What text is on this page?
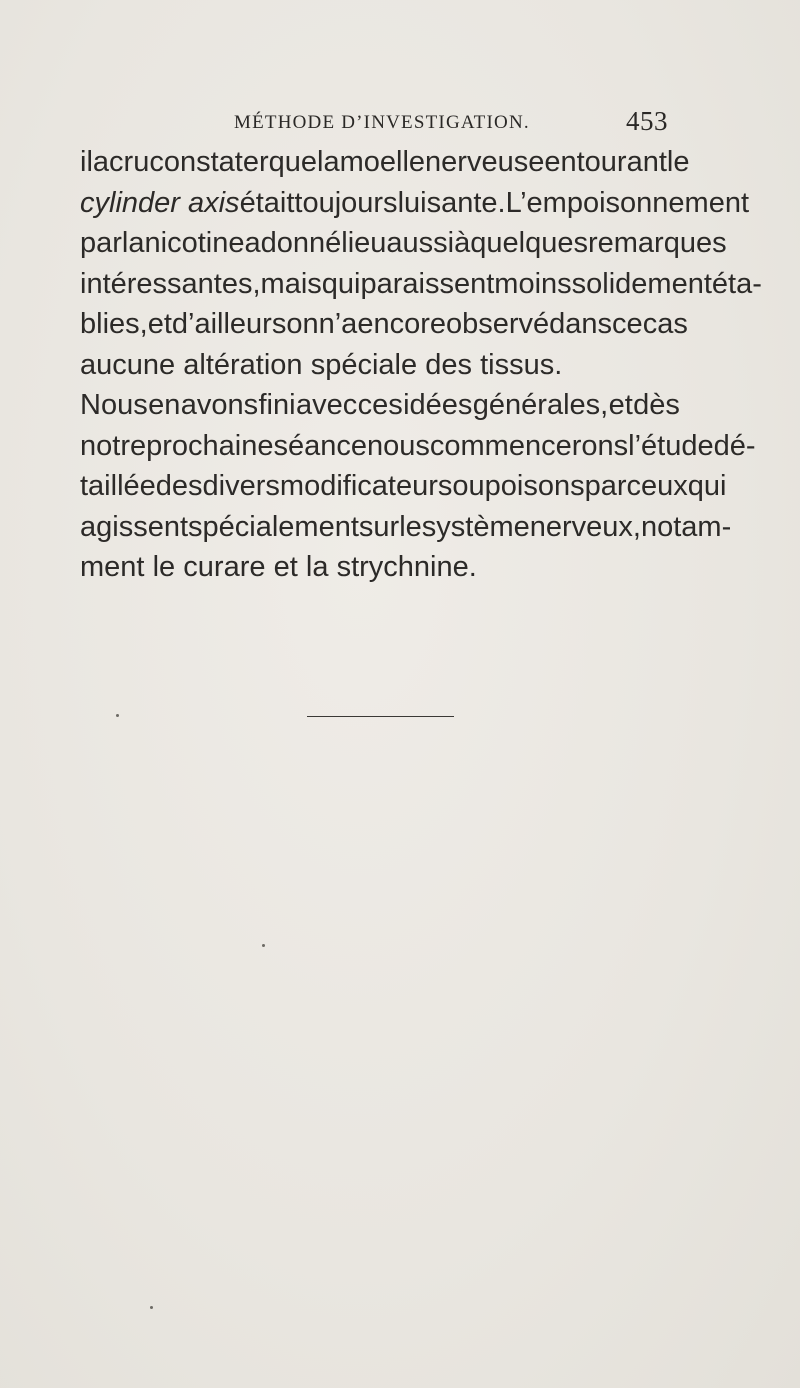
MÉTHODE D’INVESTIGATION.	453
il a cru constater que la moelle nerveuse entourant le
cylinder axis était toujours luisante. L’empoisonnement
par la nicotine a donné lieu aussi à quelques remarques
intéressantes, mais qui paraissent moins solidement éta-
blies, et d’ailleurs on n’a encore observé dans ce cas
aucune altération spéciale des tissus.
Nous en avons fini avec ces idées générales, et dès
notre prochaine séance nous commencerons l’étude dé-
taillée des divers modificateurs ou poisons par ceux qui
agissent spécialement sur le système nerveux, notam-
ment le curare et la strychnine.
